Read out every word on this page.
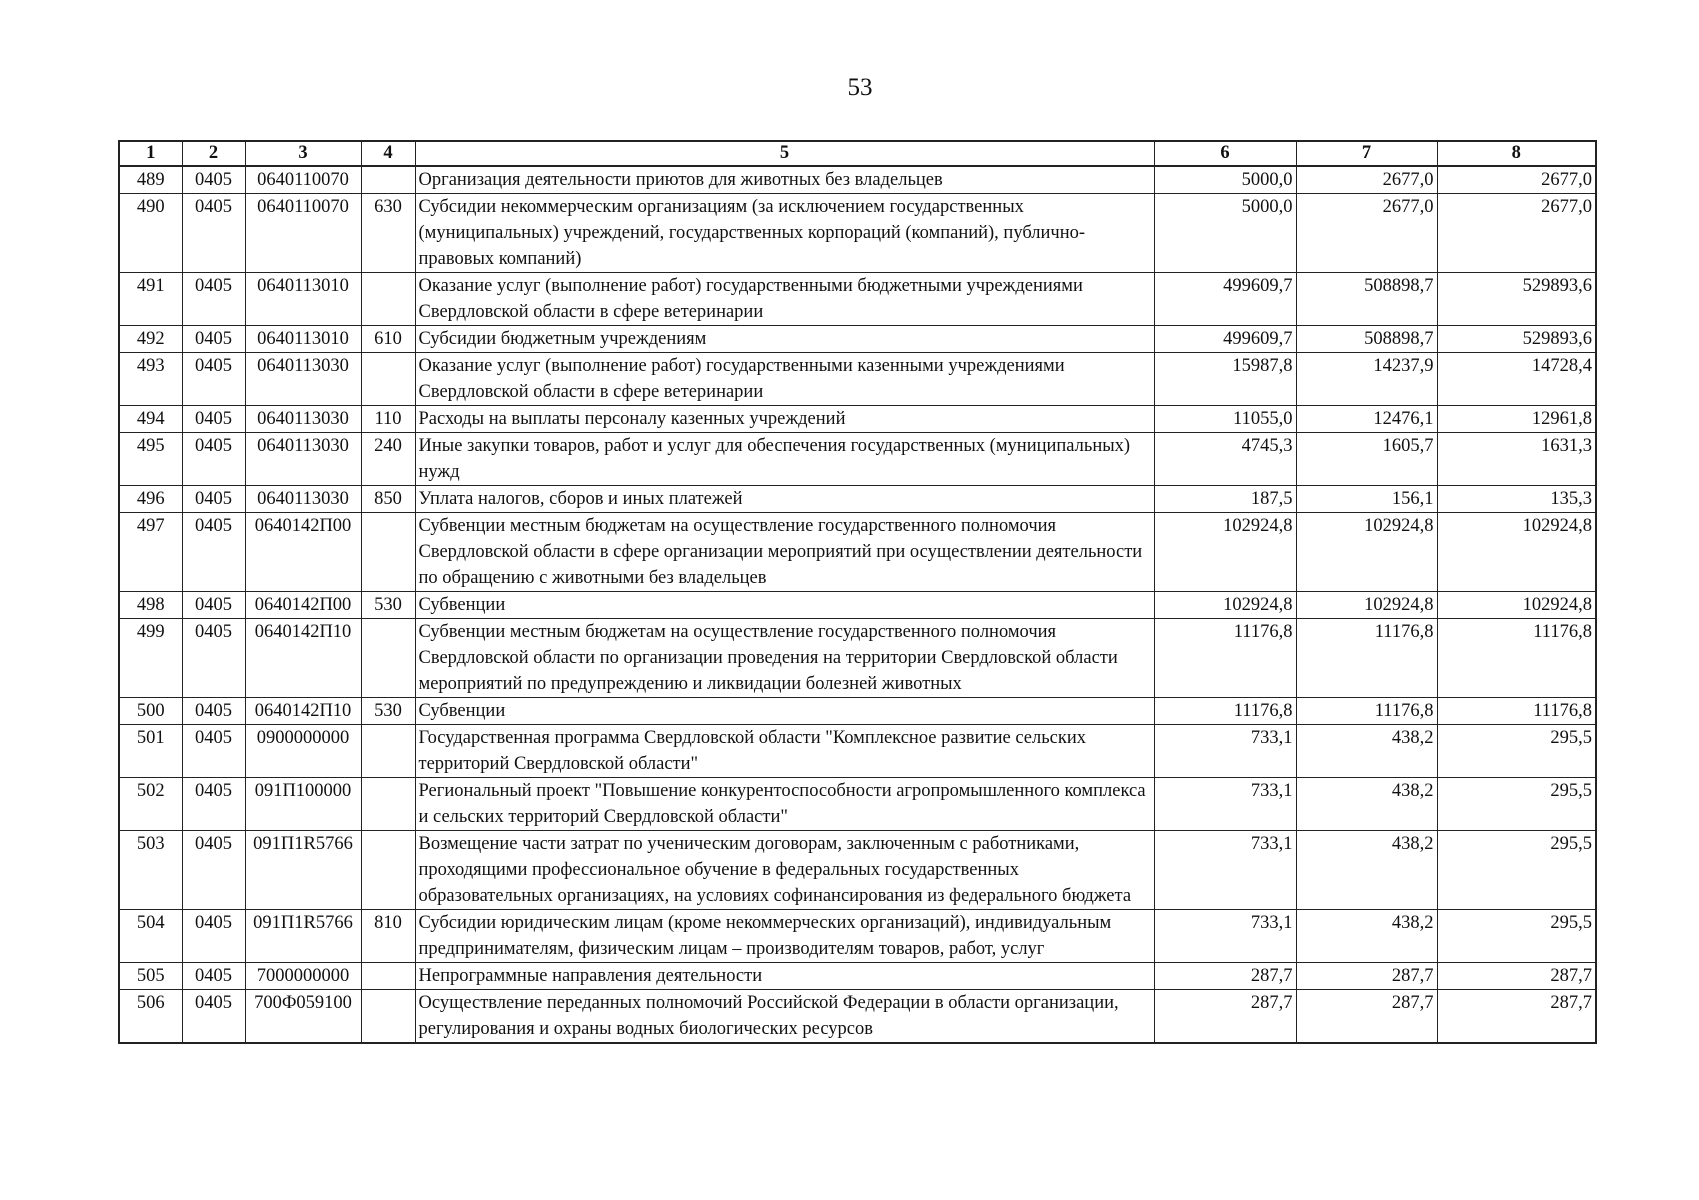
53
1	2	3	4	5	6	7	8
489	0405	0640110070		Организация деятельности приютов для животных без владельцев	5000,0	2677,0	2677,0
490	0405	0640110070	630	Субсидии некоммерческим организациям (за исключением государственных (муниципальных) учреждений, государственных корпораций (компаний), публично-правовых компаний)	5000,0	2677,0	2677,0
491	0405	0640113010		Оказание услуг (выполнение работ) государственными бюджетными учреждениями Свердловской области в сфере ветеринарии	499609,7	508898,7	529893,6
492	0405	0640113010	610	Субсидии бюджетным учреждениям	499609,7	508898,7	529893,6
493	0405	0640113030		Оказание услуг (выполнение работ) государственными казенными учреждениями Свердловской области в сфере ветеринарии	15987,8	14237,9	14728,4
494	0405	0640113030	110	Расходы на выплаты персоналу казенных учреждений	11055,0	12476,1	12961,8
495	0405	0640113030	240	Иные закупки товаров, работ и услуг для обеспечения государственных (муниципальных) нужд	4745,3	1605,7	1631,3
496	0405	0640113030	850	Уплата налогов, сборов и иных платежей	187,5	156,1	135,3
497	0405	0640142П00		Субвенции местным бюджетам на осуществление государственного полномочия Свердловской области в сфере организации мероприятий при осуществлении деятельности по обращению с животными без владельцев	102924,8	102924,8	102924,8
498	0405	0640142П00	530	Субвенции	102924,8	102924,8	102924,8
499	0405	0640142П10		Субвенции местным бюджетам на осуществление государственного полномочия Свердловской области по организации проведения на территории Свердловской области мероприятий по предупреждению и ликвидации болезней животных	11176,8	11176,8	11176,8
500	0405	0640142П10	530	Субвенции	11176,8	11176,8	11176,8
501	0405	0900000000		Государственная программа Свердловской области "Комплексное развитие сельских территорий Свердловской области"	733,1	438,2	295,5
502	0405	091П100000		Региональный проект "Повышение конкурентоспособности агропромышленного комплекса и сельских территорий Свердловской области"	733,1	438,2	295,5
503	0405	091П1R5766		Возмещение части затрат по ученическим договорам, заключенным с работниками, проходящими профессиональное обучение в федеральных государственных образовательных организациях, на условиях софинансирования из федерального бюджета	733,1	438,2	295,5
504	0405	091П1R5766	810	Субсидии юридическим лицам (кроме некоммерческих организаций), индивидуальным предпринимателям, физическим лицам – производителям товаров, работ, услуг	733,1	438,2	295,5
505	0405	7000000000		Непрограммные направления деятельности	287,7	287,7	287,7
506	0405	700Ф059100		Осуществление переданных полномочий Российской Федерации в области организации, регулирования и охраны водных биологических ресурсов	287,7	287,7	287,7
